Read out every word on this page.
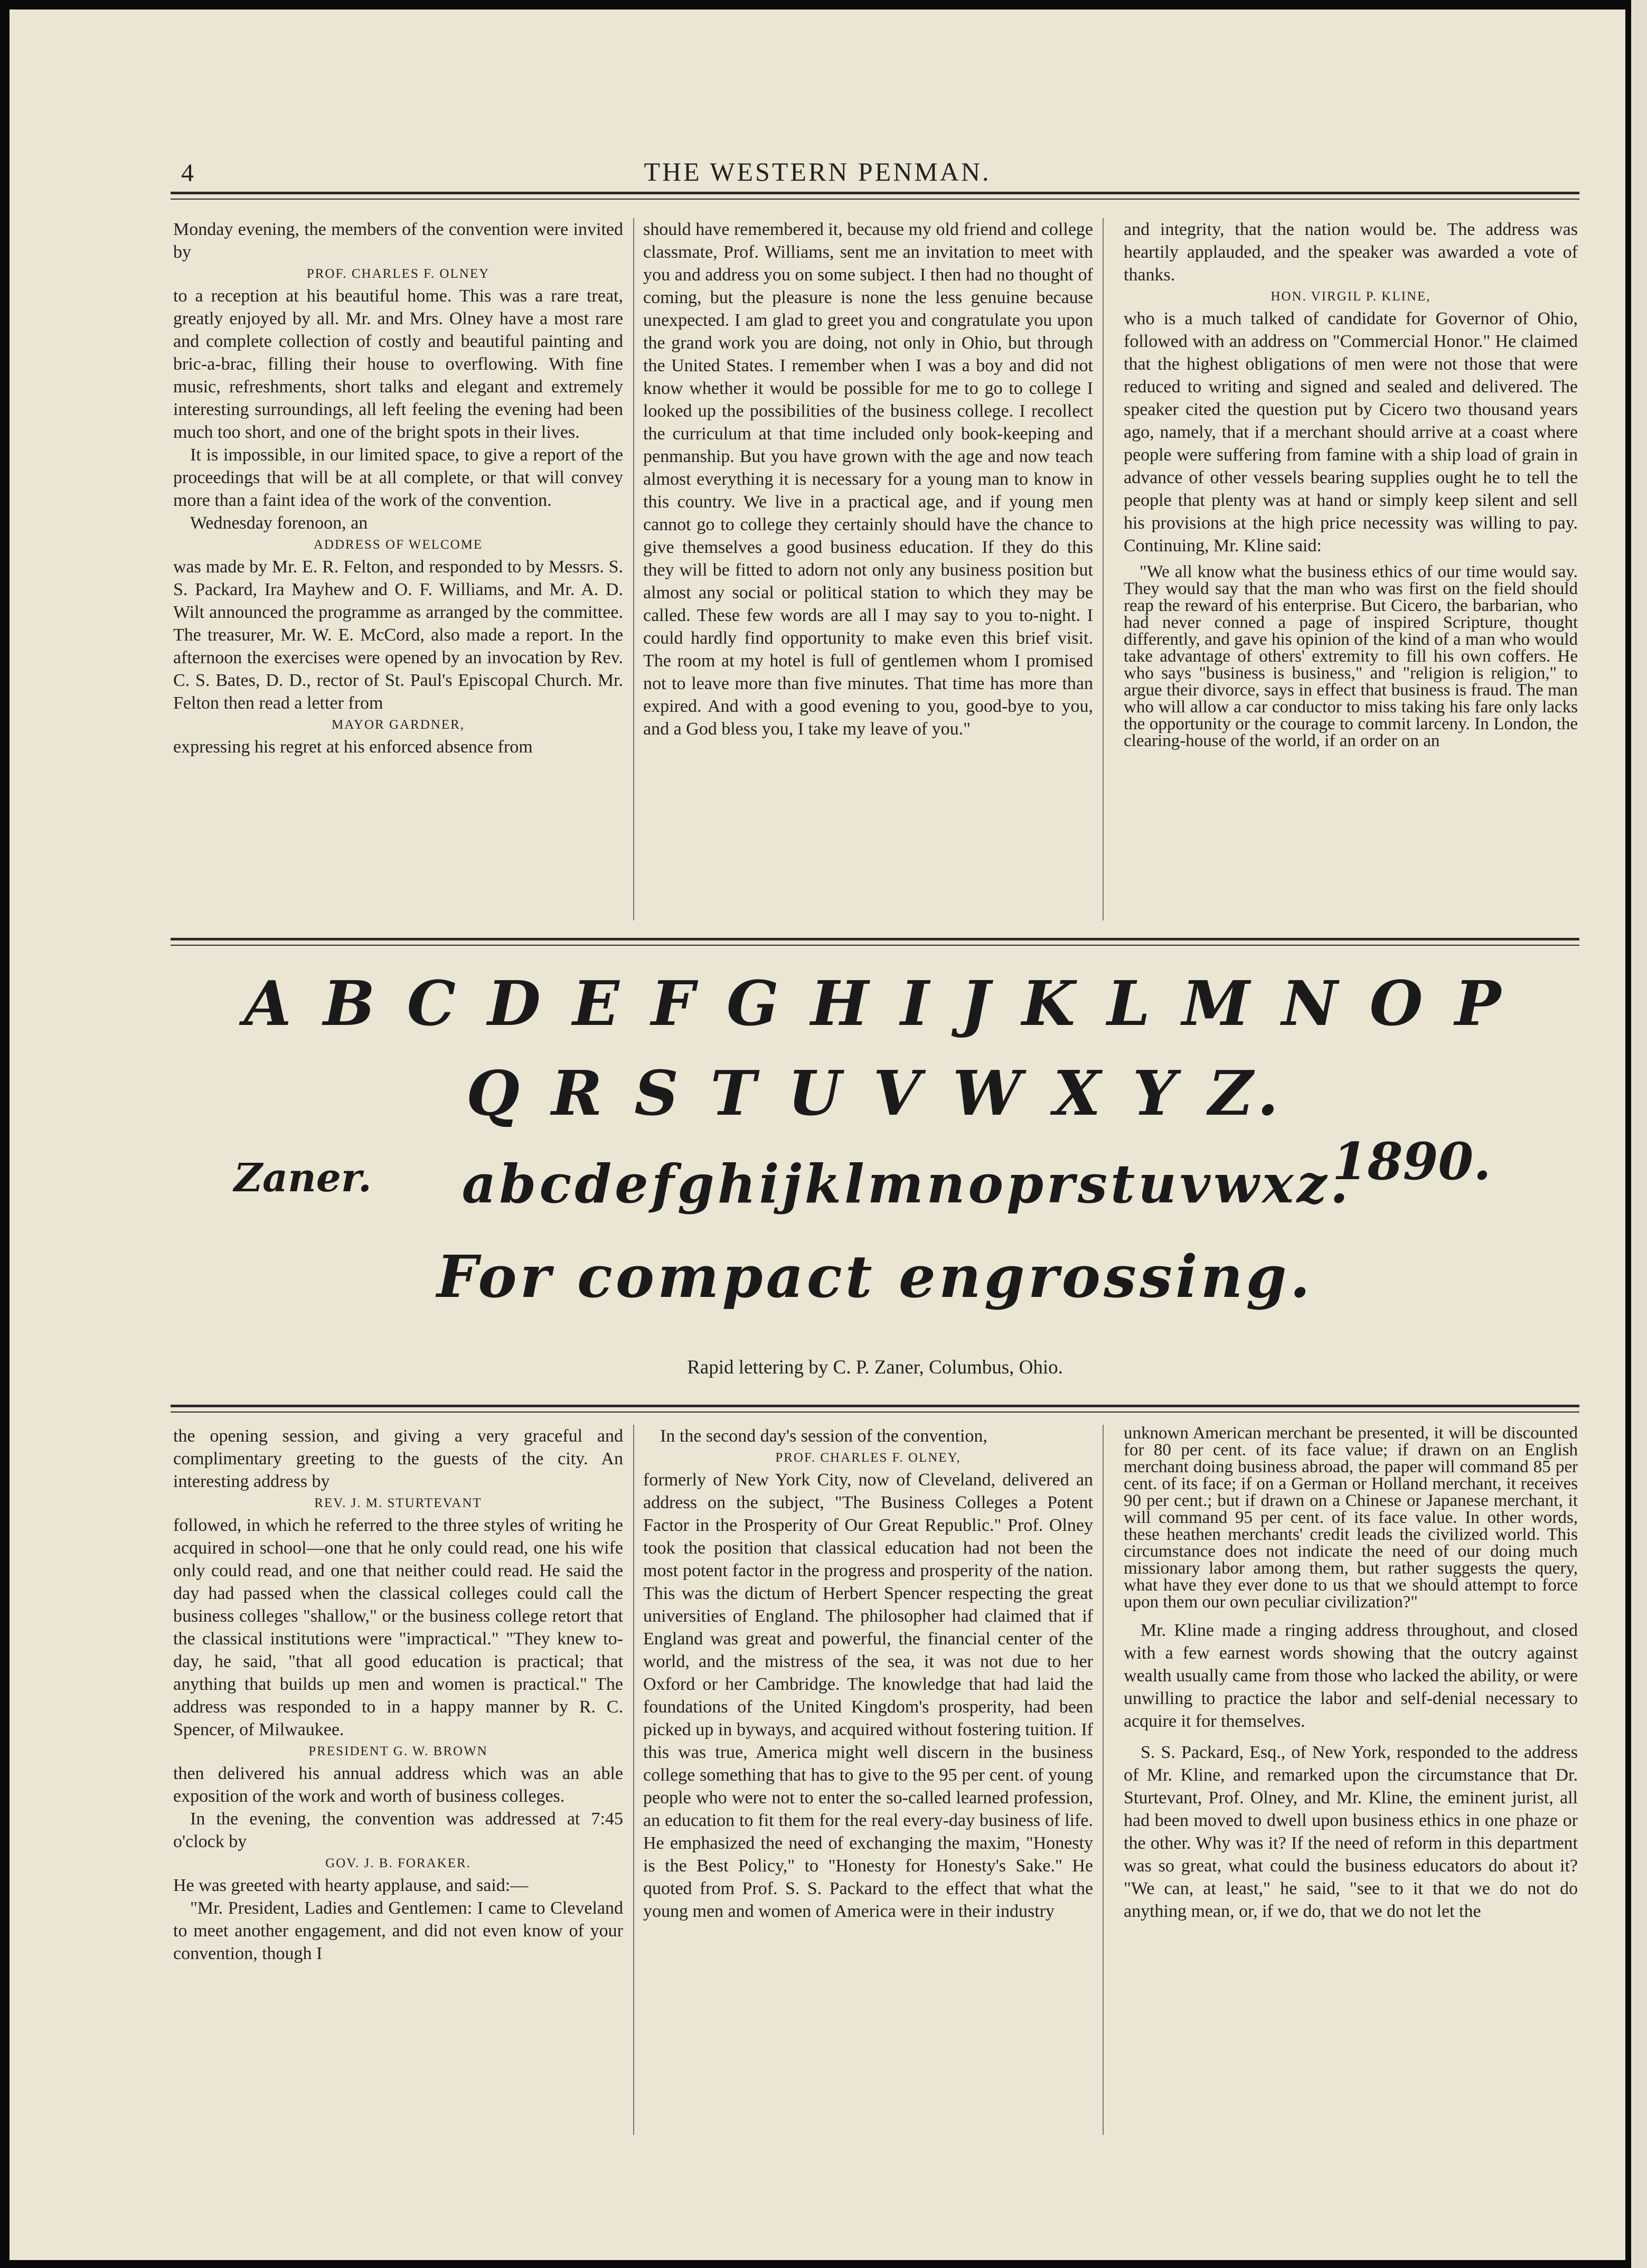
4	THE WESTERN PENMAN.

Monday evening, the members of the convention were invited by

PROF. CHARLES F. OLNEY

to a reception at his beautiful home. This was a rare treat, greatly enjoyed by all. Mr. and Mrs. Olney have a most rare and complete collection of costly and beautiful painting and bric-a-brac, filling their house to overflowing. With fine music, refreshments, short talks and elegant and extremely interesting surroundings, all left feeling the evening had been much too short, and one of the bright spots in their lives.

It is impossible, in our limited space, to give a report of the proceedings that will be at all complete, or that will convey more than a faint idea of the work of the convention.

Wednesday forenoon, an

ADDRESS OF WELCOME

was made by Mr. E. R. Felton, and responded to by Messrs. S. S. Packard, Ira Mayhew and O. F. Williams, and Mr. A. D. Wilt announced the programme as arranged by the committee. The treasurer, Mr. W. E. McCord, also made a report. In the afternoon the exercises were opened by an invocation by Rev. C. S. Bates, D. D., rector of St. Paul's Episcopal Church. Mr. Felton then read a letter from

MAYOR GARDNER,

expressing his regret at his enforced absence from

should have remembered it, because my old friend and college classmate, Prof. Williams, sent me an invitation to meet with you and address you on some subject. I then had no thought of coming, but the pleasure is none the less genuine because unexpected. I am glad to greet you and congratulate you upon the grand work you are doing, not only in Ohio, but through the United States. I remember when I was a boy and did not know whether it would be possible for me to go to college I looked up the possibilities of the business college. I recollect the curriculum at that time included only book-keeping and penmanship. But you have grown with the age and now teach almost everything it is necessary for a young man to know in this country. We live in a practical age, and if young men cannot go to college they certainly should have the chance to give themselves a good business education. If they do this they will be fitted to adorn not only any business position but almost any social or political station to which they may be called. These few words are all I may say to you to-night. I could hardly find opportunity to make even this brief visit. The room at my hotel is full of gentlemen whom I promised not to leave more than five minutes. That time has more than expired. And with a good evening to you, good-bye to you, and a God bless you, I take my leave of you."

and integrity, that the nation would be. The address was heartily applauded, and the speaker was awarded a vote of thanks.

HON. VIRGIL P. KLINE,

who is a much talked of candidate for Governor of Ohio, followed with an address on "Commercial Honor." He claimed that the highest obligations of men were not those that were reduced to writing and signed and sealed and delivered. The speaker cited the question put by Cicero two thousand years ago, namely, that if a merchant should arrive at a coast where people were suffering from famine with a ship load of grain in advance of other vessels bearing supplies ought he to tell the people that plenty was at hand or simply keep silent and sell his provisions at the high price necessity was willing to pay. Continuing, Mr. Kline said:

"We all know what the business ethics of our time would say. They would say that the man who was first on the field should reap the reward of his enterprise. But Cicero, the barbarian, who had never conned a page of inspired Scripture, thought differently, and gave his opinion of the kind of a man who would take advantage of others' extremity to fill his own coffers. He who says "business is business," and "religion is religion," to argue their divorce, says in effect that business is fraud. The man who will allow a car conductor to miss taking his fare only lacks the opportunity or the courage to commit larceny. In London, the clearing-house of the world, if an order on an

A B C D E F G H I J K L M N O P
Q R S T U V W X Y Z.
Zaner.	1890.
abcdefghijklmnoprstuvwxz.
For compact engrossing.
Rapid lettering by C. P. Zaner, Columbus, Ohio.

the opening session, and giving a very graceful and complimentary greeting to the guests of the city. An interesting address by

REV. J. M. STURTEVANT

followed, in which he referred to the three styles of writing he acquired in school—one that he only could read, one his wife only could read, and one that neither could read. He said the day had passed when the classical colleges could call the business colleges "shallow," or the business college retort that the classical institutions were "impractical." "They knew to-day, he said, "that all good education is practical; that anything that builds up men and women is practical." The address was responded to in a happy manner by R. C. Spencer, of Milwaukee.

PRESIDENT G. W. BROWN

then delivered his annual address which was an able exposition of the work and worth of business colleges.

In the evening, the convention was addressed at 7:45 o'clock by

GOV. J. B. FORAKER.

He was greeted with hearty applause, and said:—

"Mr. President, Ladies and Gentlemen: I came to Cleveland to meet another engagement, and did not even know of your convention, though I

In the second day's session of the convention,

PROF. CHARLES F. OLNEY,

formerly of New York City, now of Cleveland, delivered an address on the subject, "The Business Colleges a Potent Factor in the Prosperity of Our Great Republic." Prof. Olney took the position that classical education had not been the most potent factor in the progress and prosperity of the nation. This was the dictum of Herbert Spencer respecting the great universities of England. The philosopher had claimed that if England was great and powerful, the financial center of the world, and the mistress of the sea, it was not due to her Oxford or her Cambridge. The knowledge that had laid the foundations of the United Kingdom's prosperity, had been picked up in byways, and acquired without fostering tuition. If this was true, America might well discern in the business college something that has to give to the 95 per cent. of young people who were not to enter the so-called learned profession, an education to fit them for the real every-day business of life. He emphasized the need of exchanging the maxim, "Honesty is the Best Policy," to "Honesty for Honesty's Sake." He quoted from Prof. S. S. Packard to the effect that what the young men and women of America were in their industry

unknown American merchant be presented, it will be discounted for 80 per cent. of its face value; if drawn on an English merchant doing business abroad, the paper will command 85 per cent. of its face; if on a German or Holland merchant, it receives 90 per cent.; but if drawn on a Chinese or Japanese merchant, it will command 95 per cent. of its face value. In other words, these heathen merchants' credit leads the civilized world. This circumstance does not indicate the need of our doing much missionary labor among them, but rather suggests the query, what have they ever done to us that we should attempt to force upon them our own peculiar civilization?"

Mr. Kline made a ringing address throughout, and closed with a few earnest words showing that the outcry against wealth usually came from those who lacked the ability, or were unwilling to practice the labor and self-denial necessary to acquire it for themselves.

S. S. Packard, Esq., of New York, responded to the address of Mr. Kline, and remarked upon the circumstance that Dr. Sturtevant, Prof. Olney, and Mr. Kline, the eminent jurist, all had been moved to dwell upon business ethics in one phaze or the other. Why was it? If the need of reform in this department was so great, what could the business educators do about it? "We can, at least," he said, "see to it that we do not do anything mean, or, if we do, that we do not let the
